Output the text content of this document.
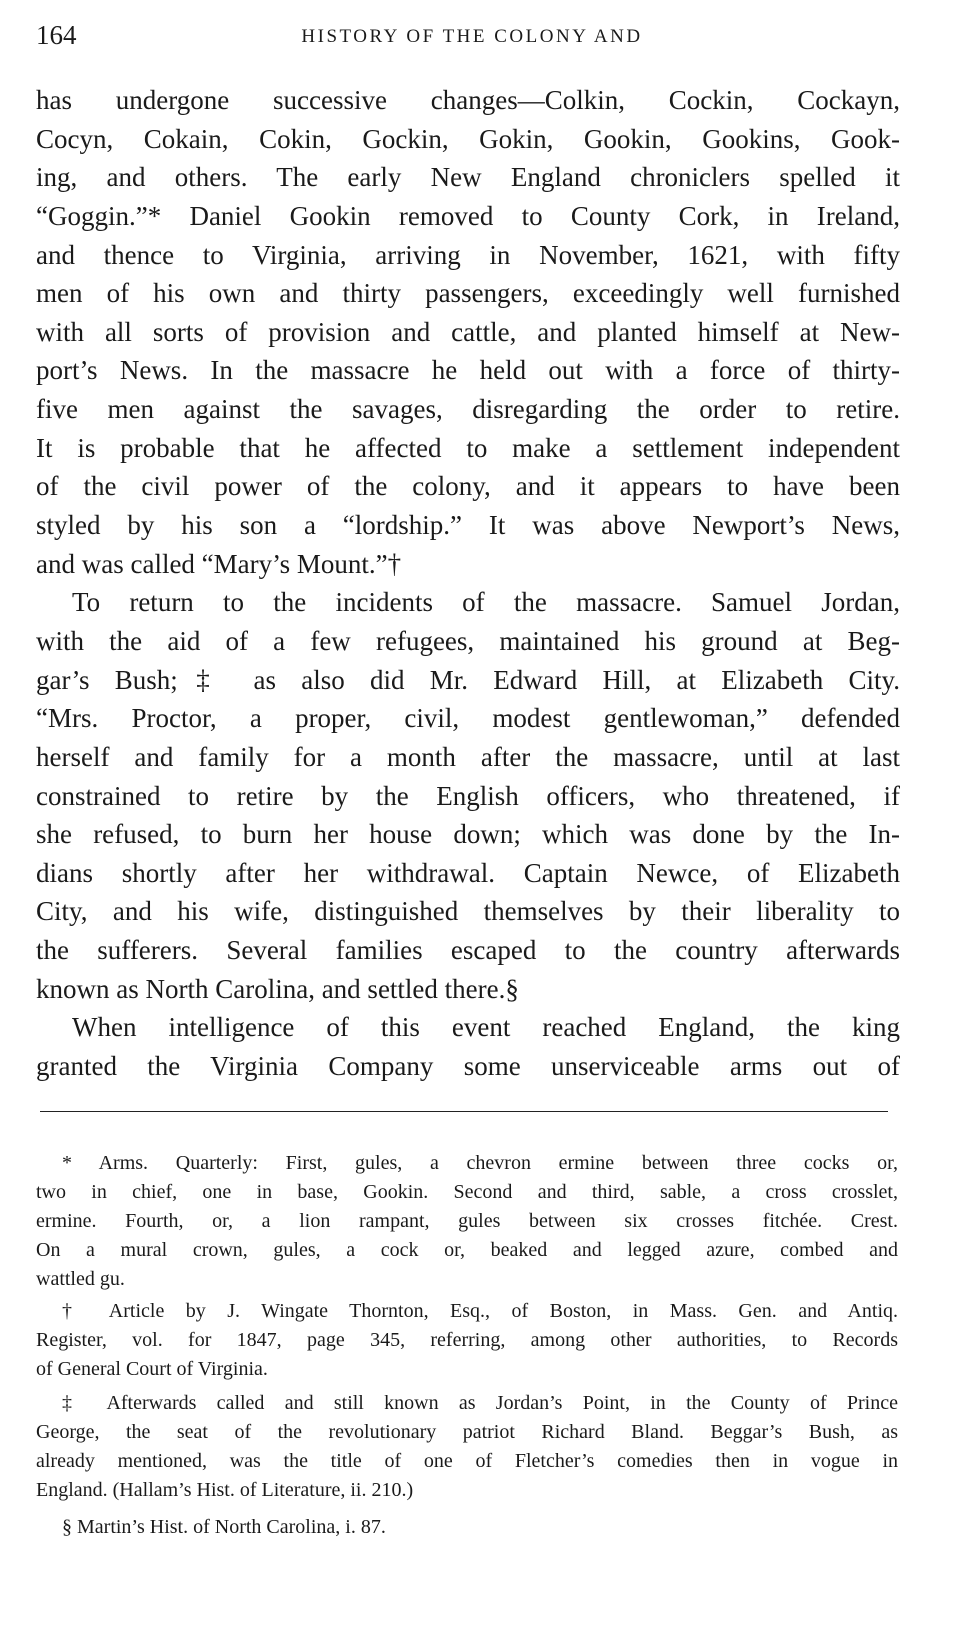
164	HISTORY OF THE COLONY AND
has undergone successive changes—Colkin, Cockin, Cockayn,
Cocyn, Cokain, Cokin, Gockin, Gokin, Gookin, Gookins, Gook-
ing, and others. The early New England chroniclers spelled it
“Goggin.”* Daniel Gookin removed to County Cork, in Ireland,
and thence to Virginia, arriving in November, 1621, with fifty
men of his own and thirty passengers, exceedingly well furnished
with all sorts of provision and cattle, and planted himself at New-
port’s News. In the massacre he held out with a force of thirty-
five men against the savages, disregarding the order to retire.
It is probable that he affected to make a settlement independent
of the civil power of the colony, and it appears to have been
styled by his son a “lordship.” It was above Newport’s News,
and was called “Mary’s Mount.”†
To return to the incidents of the massacre. Samuel Jordan,
with the aid of a few refugees, maintained his ground at Beg-
gar’s Bush;‡ as also did Mr. Edward Hill, at Elizabeth City.
“Mrs. Proctor, a proper, civil, modest gentlewoman,” defended
herself and family for a month after the massacre, until at last
constrained to retire by the English officers, who threatened, if
she refused, to burn her house down; which was done by the In-
dians shortly after her withdrawal. Captain Newce, of Elizabeth
City, and his wife, distinguished themselves by their liberality to
the sufferers. Several families escaped to the country afterwards
known as North Carolina, and settled there.§
When intelligence of this event reached England, the king
granted the Virginia Company some unserviceable arms out of
* Arms. Quarterly: First, gules, a chevron ermine between three cocks or,
two in chief, one in base, Gookin. Second and third, sable, a cross crosslet,
ermine. Fourth, or, a lion rampant, gules between six crosses fitchée. Crest.
On a mural crown, gules, a cock or, beaked and legged azure, combed and
wattled gu.
† Article by J. Wingate Thornton, Esq., of Boston, in Mass. Gen. and Antiq.
Register, vol. for 1847, page 345, referring, among other authorities, to Records
of General Court of Virginia.
‡ Afterwards called and still known as Jordan’s Point, in the County of Prince
George, the seat of the revolutionary patriot Richard Bland. Beggar’s Bush, as
already mentioned, was the title of one of Fletcher’s comedies then in vogue in
England. (Hallam’s Hist. of Literature, ii. 210.)
§ Martin’s Hist. of North Carolina, i. 87.
